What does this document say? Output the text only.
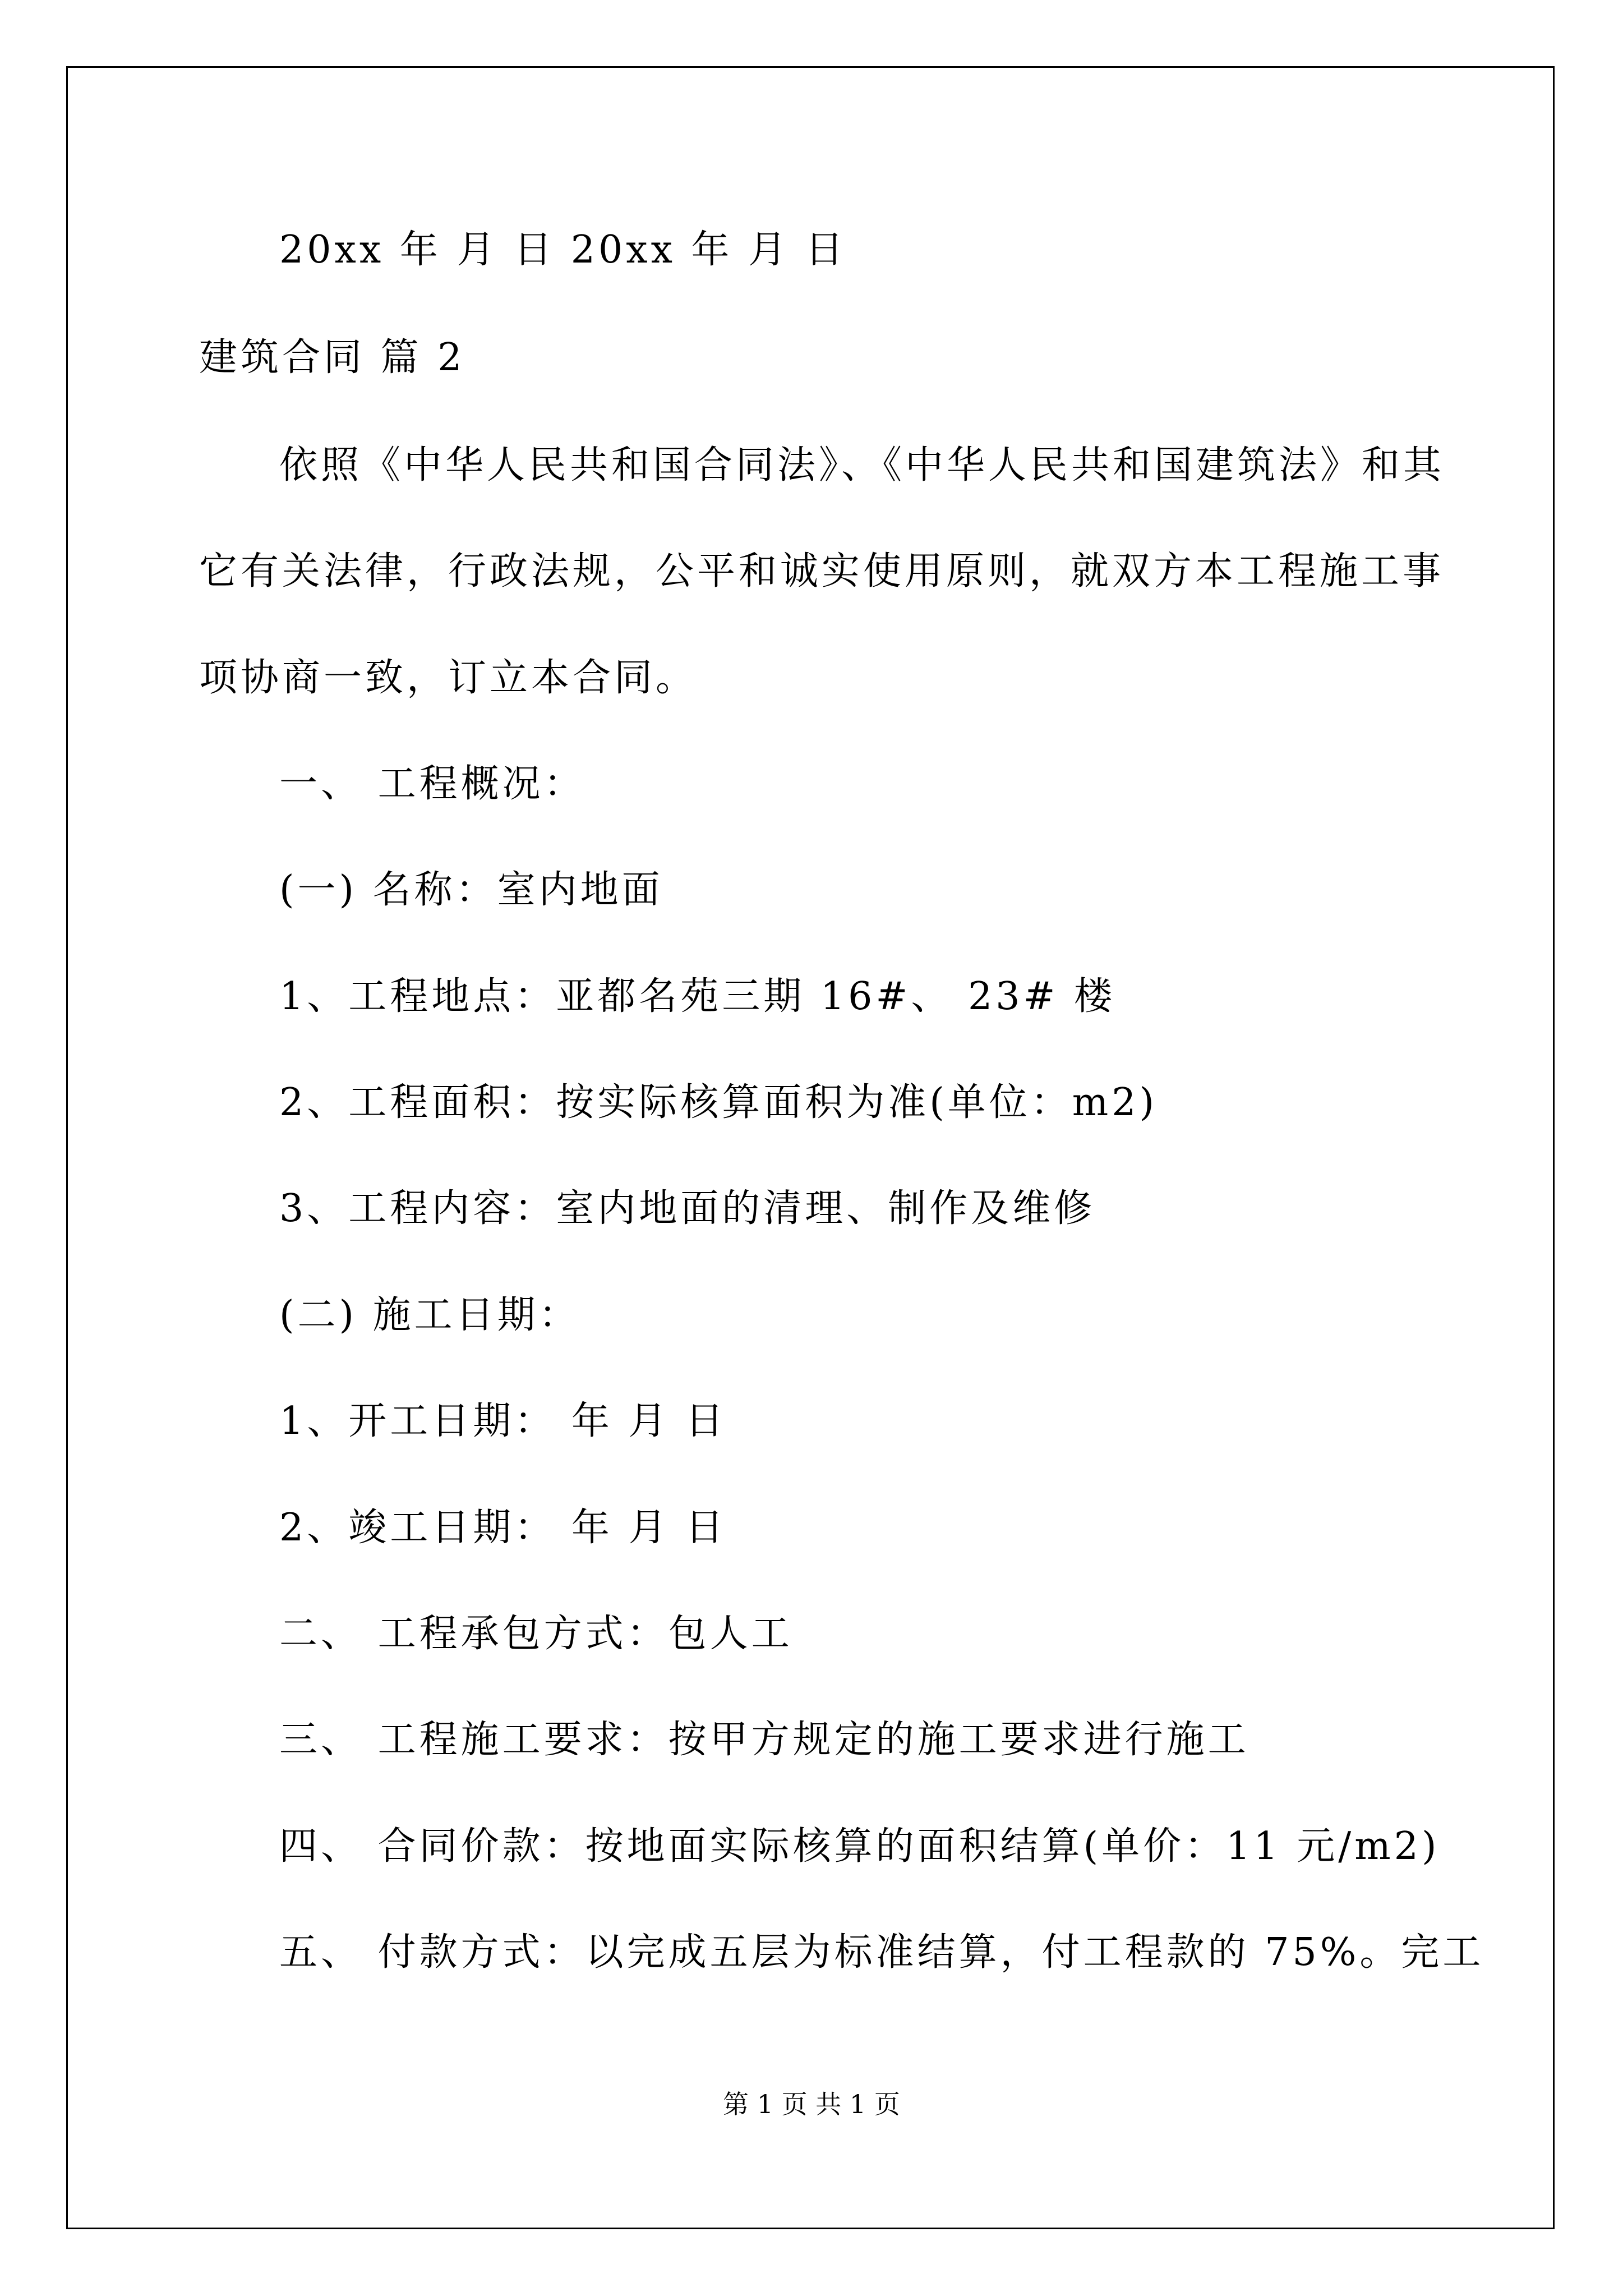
20xx 年 月 日 20xx 年 月 日
建筑合同 篇 2
依照《中华人民共和国合同法》、《中华人民共和国建筑法》和其
它有关法律，行政法规，公平和诚实使用原则，就双方本工程施工事
项协商一致，订立本合同。
一、 工程概况：
(一) 名称：室内地面
1、工程地点：亚都名苑三期 16#、 23# 楼
2、工程面积：按实际核算面积为准(单位：m2)
3、工程内容：室内地面的清理、制作及维修
(二) 施工日期：
1、开工日期： 年 月 日
2、竣工日期： 年 月 日
二、 工程承包方式：包人工
三、 工程施工要求：按甲方规定的施工要求进行施工
四、 合同价款：按地面实际核算的面积结算(单价：11 元/m2)
五、 付款方式：以完成五层为标准结算，付工程款的 75%。完工
第 1 页 共 1 页
